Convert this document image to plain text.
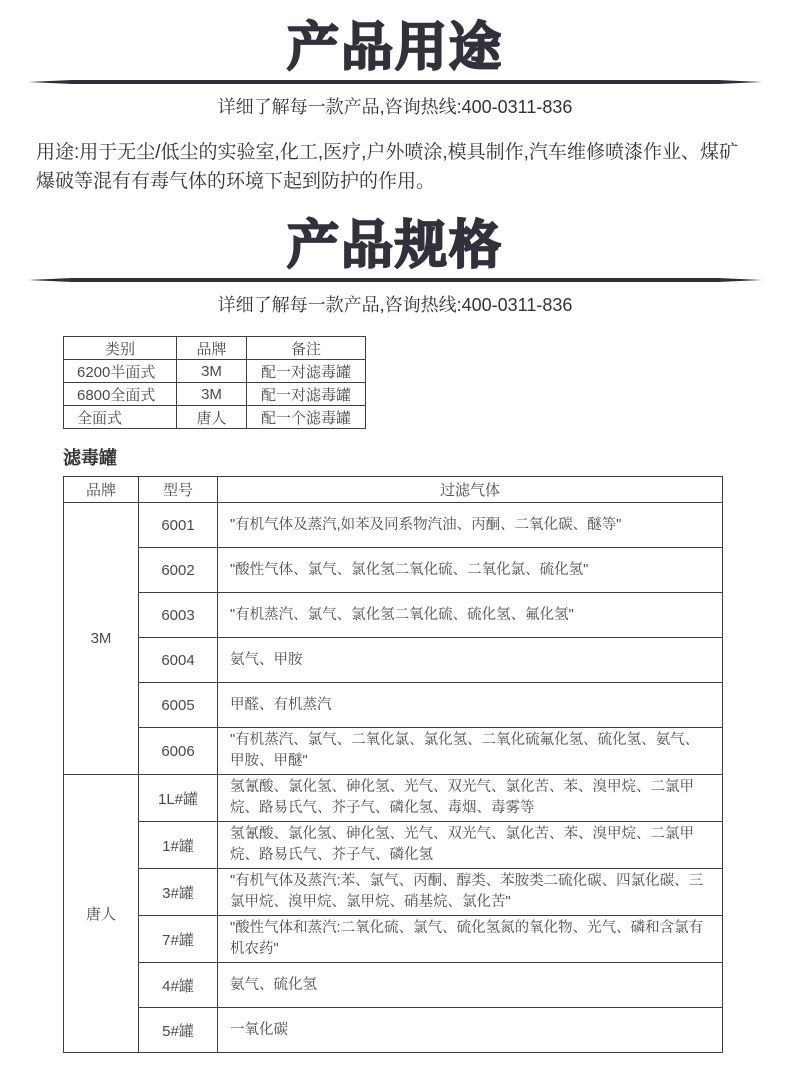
产品用途
详细了解每一款产品,咨询热线:400-0311-836

用途:用于无尘/低尘的实验室,化工,医疗,户外喷涂,模具制作,汽车维修喷漆作业、煤矿爆破等混有有毒气体的环境下起到防护的作用。

产品规格
详细了解每一款产品,咨询热线:400-0311-836
类别	品牌	备注
6200半面式	3M	配一对滤毒罐
6800全面式	3M	配一对滤毒罐
全面式	唐人	配一个滤毒罐
滤毒罐
品牌	型号	过滤气体
3M	6001	"有机气体及蒸汽,如苯及同系物汽油、丙酮、二氧化碳、醚等"
	6002	"酸性气体、氯气、氯化氢二氧化硫、二氧化氯、硫化氢"
	6003	"有机蒸汽、氯气、氯化氢二氧化硫、硫化氢、氟化氢"
	6004	氨气、甲胺
	6005	甲醛、有机蒸汽
	6006	"有机蒸汽、氯气、二氧化氯、氯化氢、二氧化硫氟化氢、硫化氢、氨气、甲胺、甲醚"
唐人	1L#罐	氢氰酸、氯化氢、砷化氢、光气、双光气、氯化苦、苯、溴甲烷、二氯甲烷、路易氏气、芥子气、磷化氢、毒烟、毒雾等
	1#罐	氢氰酸、氯化氢、砷化氢、光气、双光气、氯化苦、苯、溴甲烷、二氯甲烷、路易氏气、芥子气、磷化氢
	3#罐	"有机气体及蒸汽:苯、氯气、丙酮、醇类、苯胺类二硫化碳、四氯化碳、三氯甲烷、溴甲烷、氯甲烷、硝基烷、氯化苦"
	7#罐	"酸性气体和蒸汽:二氧化硫、氯气、硫化氢氮的氧化物、光气、磷和含氯有机农药"
	4#罐	氨气、硫化氢
	5#罐	一氧化碳
